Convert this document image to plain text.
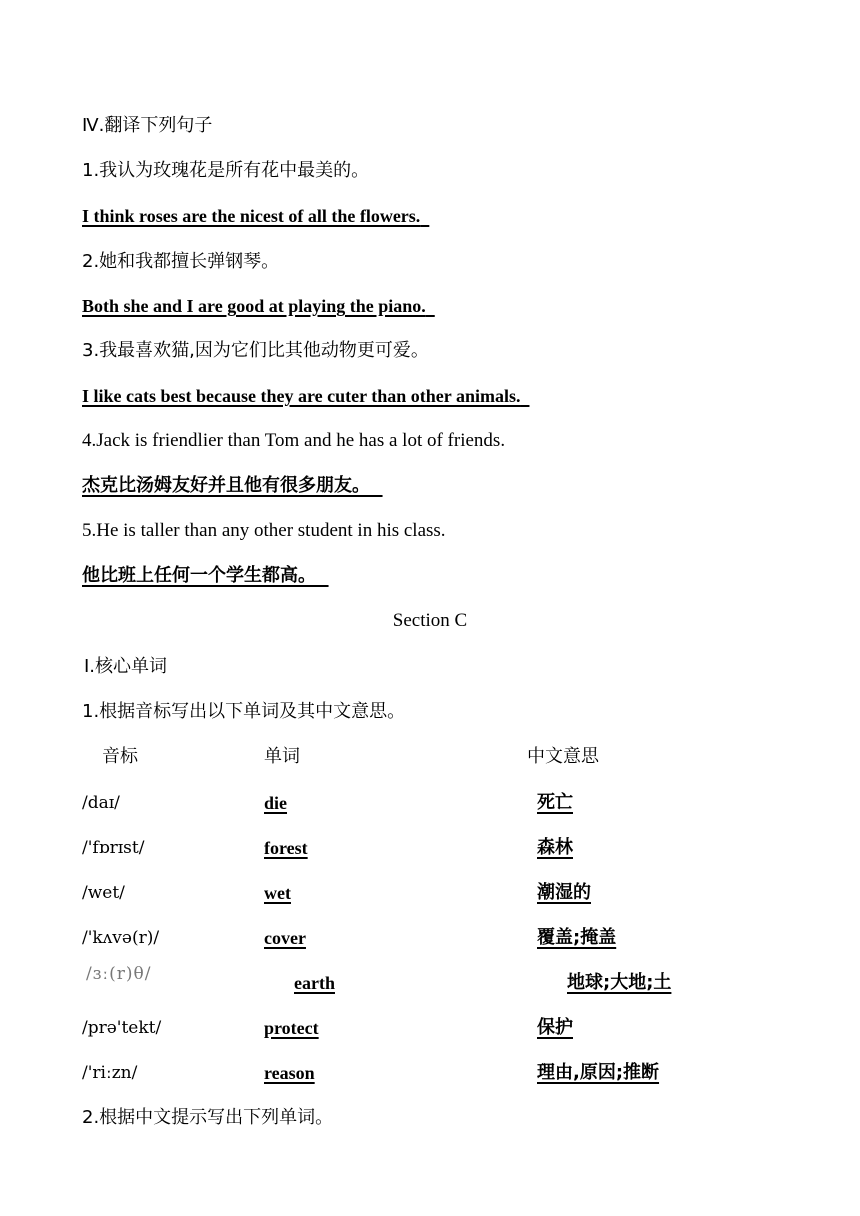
Ⅳ.翻译下列句子
1.我认为玫瑰花是所有花中最美的。
I think roses are the nicest of all the flowers.
2.她和我都擅长弹钢琴。
Both she and I are good at playing the piano.
3.我最喜欢猫,因为它们比其他动物更可爱。
I like cats best because they are cuter than other animals.
4.Jack is friendlier than Tom and he has a lot of friends.
杰克比汤姆友好并且他有很多朋友。
5.He is taller than any other student in his class.
他比班上任何一个学生都高。
Section C
Ⅰ.核心单词
1.根据音标写出以下单词及其中文意思。
音标	单词	中文意思
/daɪ/	die	死亡
/'fɒrɪst/	forest	森林
/wet/	wet	潮湿的
/'kʌvə(r)/	cover	覆盖;掩盖
/ɜː(r)θ/	earth	地球;大地;土
/prə'tekt/	protect	保护
/'riːzn/	reason	理由,原因;推断
2.根据中文提示写出下列单词。
